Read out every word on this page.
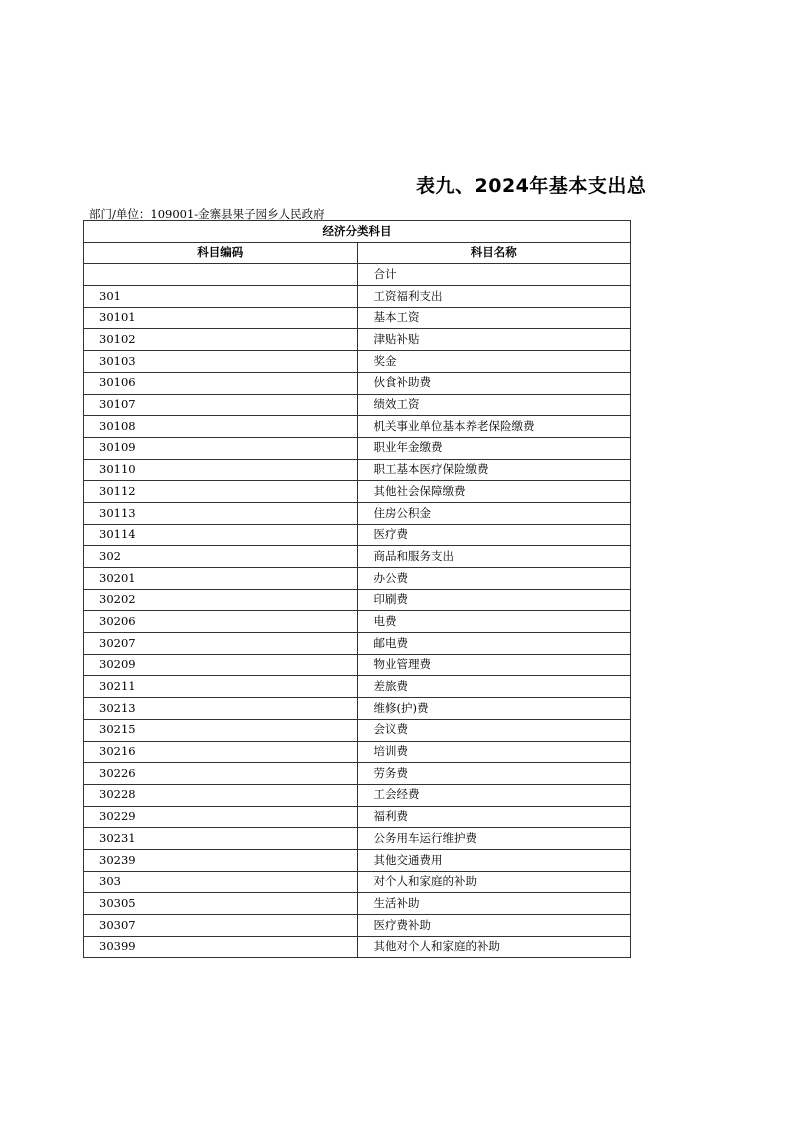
表九、2024年基本支出总
部门/单位：109001-金寨县果子园乡人民政府
经济分类科目	
科目编码	科目名称
	合计
301	工资福利支出
30101	基本工资
30102	津贴补贴
30103	奖金
30106	伙食补助费
30107	绩效工资
30108	机关事业单位基本养老保险缴费
30109	职业年金缴费
30110	职工基本医疗保险缴费
30112	其他社会保障缴费
30113	住房公积金
30114	医疗费
302	商品和服务支出
30201	办公费
30202	印刷费
30206	电费
30207	邮电费
30209	物业管理费
30211	差旅费
30213	维修(护)费
30215	会议费
30216	培训费
30226	劳务费
30228	工会经费
30229	福利费
30231	公务用车运行维护费
30239	其他交通费用
303	对个人和家庭的补助
30305	生活补助
30307	医疗费补助
30399	其他对个人和家庭的补助
